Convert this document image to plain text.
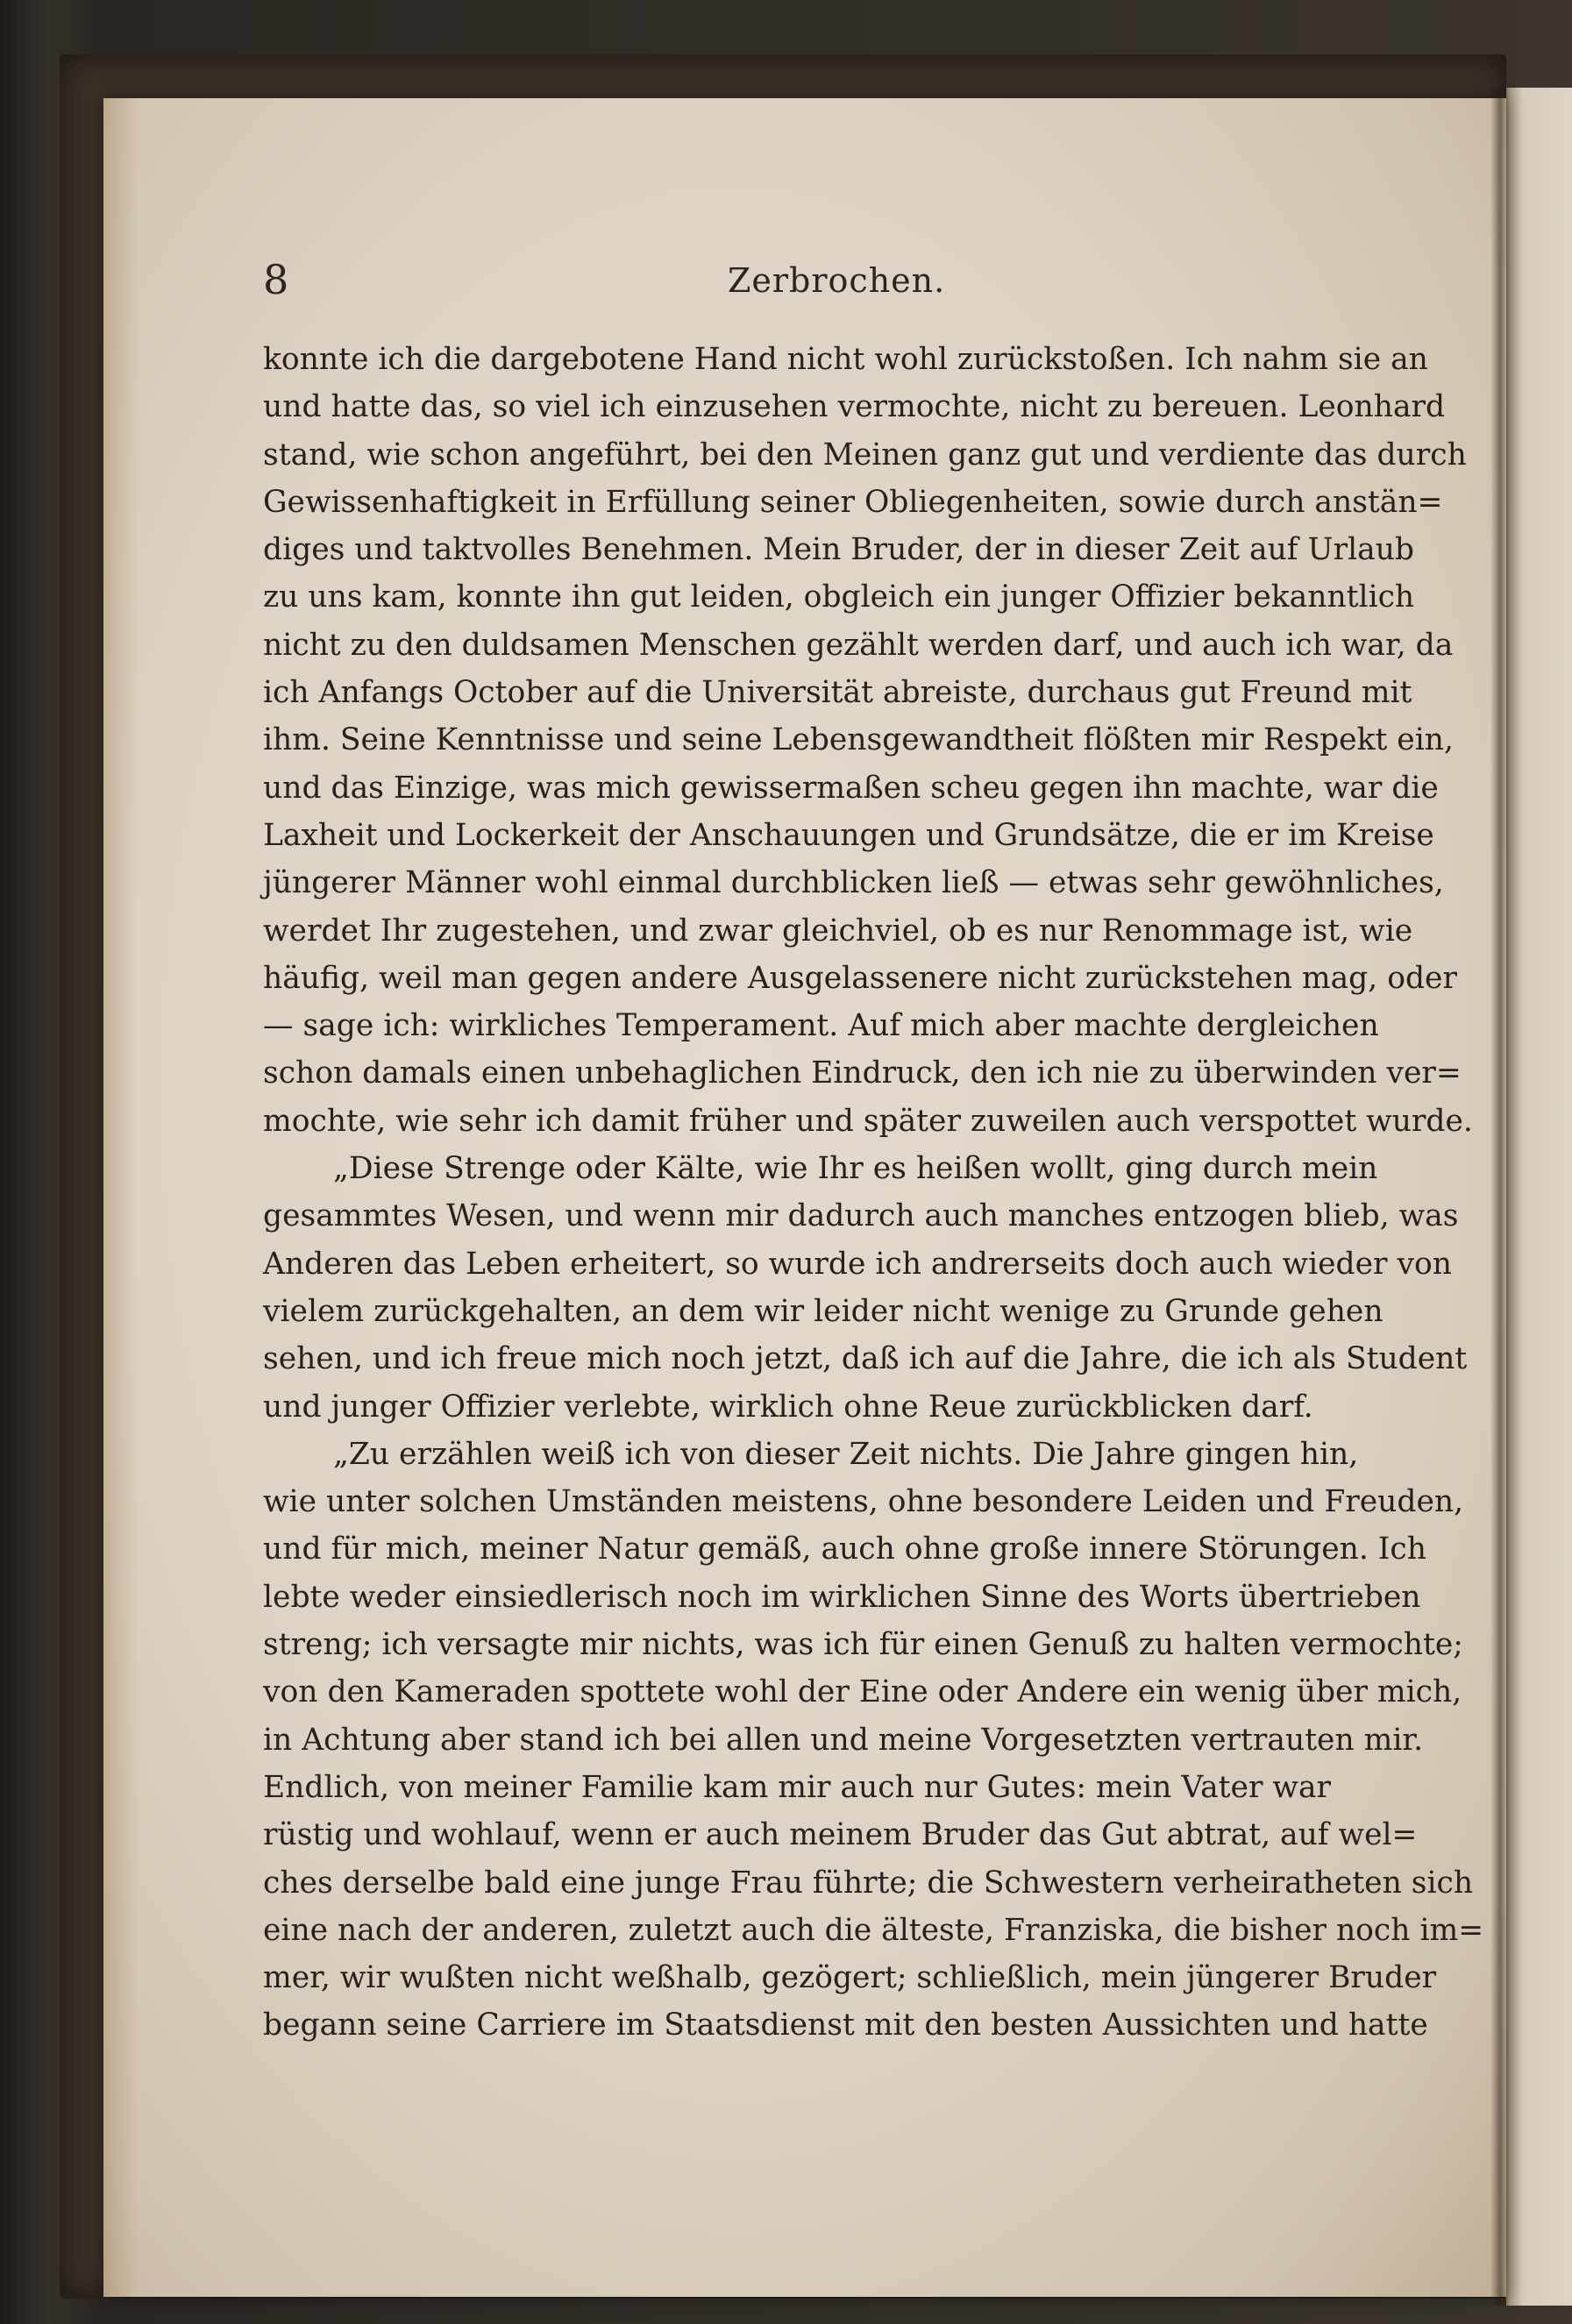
8	Zerbrochen.
konnte ich die dargebotene Hand nicht wohl zurückstoßen. Ich nahm sie an
und hatte das, so viel ich einzusehen vermochte, nicht zu bereuen. Leonhard
stand, wie schon angeführt, bei den Meinen ganz gut und verdiente das durch
Gewissenhaftigkeit in Erfüllung seiner Obliegenheiten, sowie durch anstän=
diges und taktvolles Benehmen. Mein Bruder, der in dieser Zeit auf Urlaub
zu uns kam, konnte ihn gut leiden, obgleich ein junger Offizier bekanntlich
nicht zu den duldsamen Menschen gezählt werden darf, und auch ich war, da
ich Anfangs October auf die Universität abreiste, durchaus gut Freund mit
ihm. Seine Kenntnisse und seine Lebensgewandtheit flößten mir Respekt ein,
und das Einzige, was mich gewissermaßen scheu gegen ihn machte, war die
Laxheit und Lockerkeit der Anschauungen und Grundsätze, die er im Kreise
jüngerer Männer wohl einmal durchblicken ließ — etwas sehr gewöhnliches,
werdet Ihr zugestehen, und zwar gleichviel, ob es nur Renommage ist, wie
häufig, weil man gegen andere Ausgelassenere nicht zurückstehen mag, oder
— sage ich: wirkliches Temperament. Auf mich aber machte dergleichen
schon damals einen unbehaglichen Eindruck, den ich nie zu überwinden ver=
mochte, wie sehr ich damit früher und später zuweilen auch verspottet wurde.
„Diese Strenge oder Kälte, wie Ihr es heißen wollt, ging durch mein
gesammtes Wesen, und wenn mir dadurch auch manches entzogen blieb, was
Anderen das Leben erheitert, so wurde ich andrerseits doch auch wieder von
vielem zurückgehalten, an dem wir leider nicht wenige zu Grunde gehen
sehen, und ich freue mich noch jetzt, daß ich auf die Jahre, die ich als Student
und junger Offizier verlebte, wirklich ohne Reue zurückblicken darf.
„Zu erzählen weiß ich von dieser Zeit nichts. Die Jahre gingen hin,
wie unter solchen Umständen meistens, ohne besondere Leiden und Freuden,
und für mich, meiner Natur gemäß, auch ohne große innere Störungen. Ich
lebte weder einsiedlerisch noch im wirklichen Sinne des Worts übertrieben
streng; ich versagte mir nichts, was ich für einen Genuß zu halten vermochte;
von den Kameraden spottete wohl der Eine oder Andere ein wenig über mich,
in Achtung aber stand ich bei allen und meine Vorgesetzten vertrauten mir.
Endlich, von meiner Familie kam mir auch nur Gutes: mein Vater war
rüstig und wohlauf, wenn er auch meinem Bruder das Gut abtrat, auf wel=
ches derselbe bald eine junge Frau führte; die Schwestern verheiratheten sich
eine nach der anderen, zuletzt auch die älteste, Franziska, die bisher noch im=
mer, wir wußten nicht weßhalb, gezögert; schließlich, mein jüngerer Bruder
begann seine Carriere im Staatsdienst mit den besten Aussichten und hatte
